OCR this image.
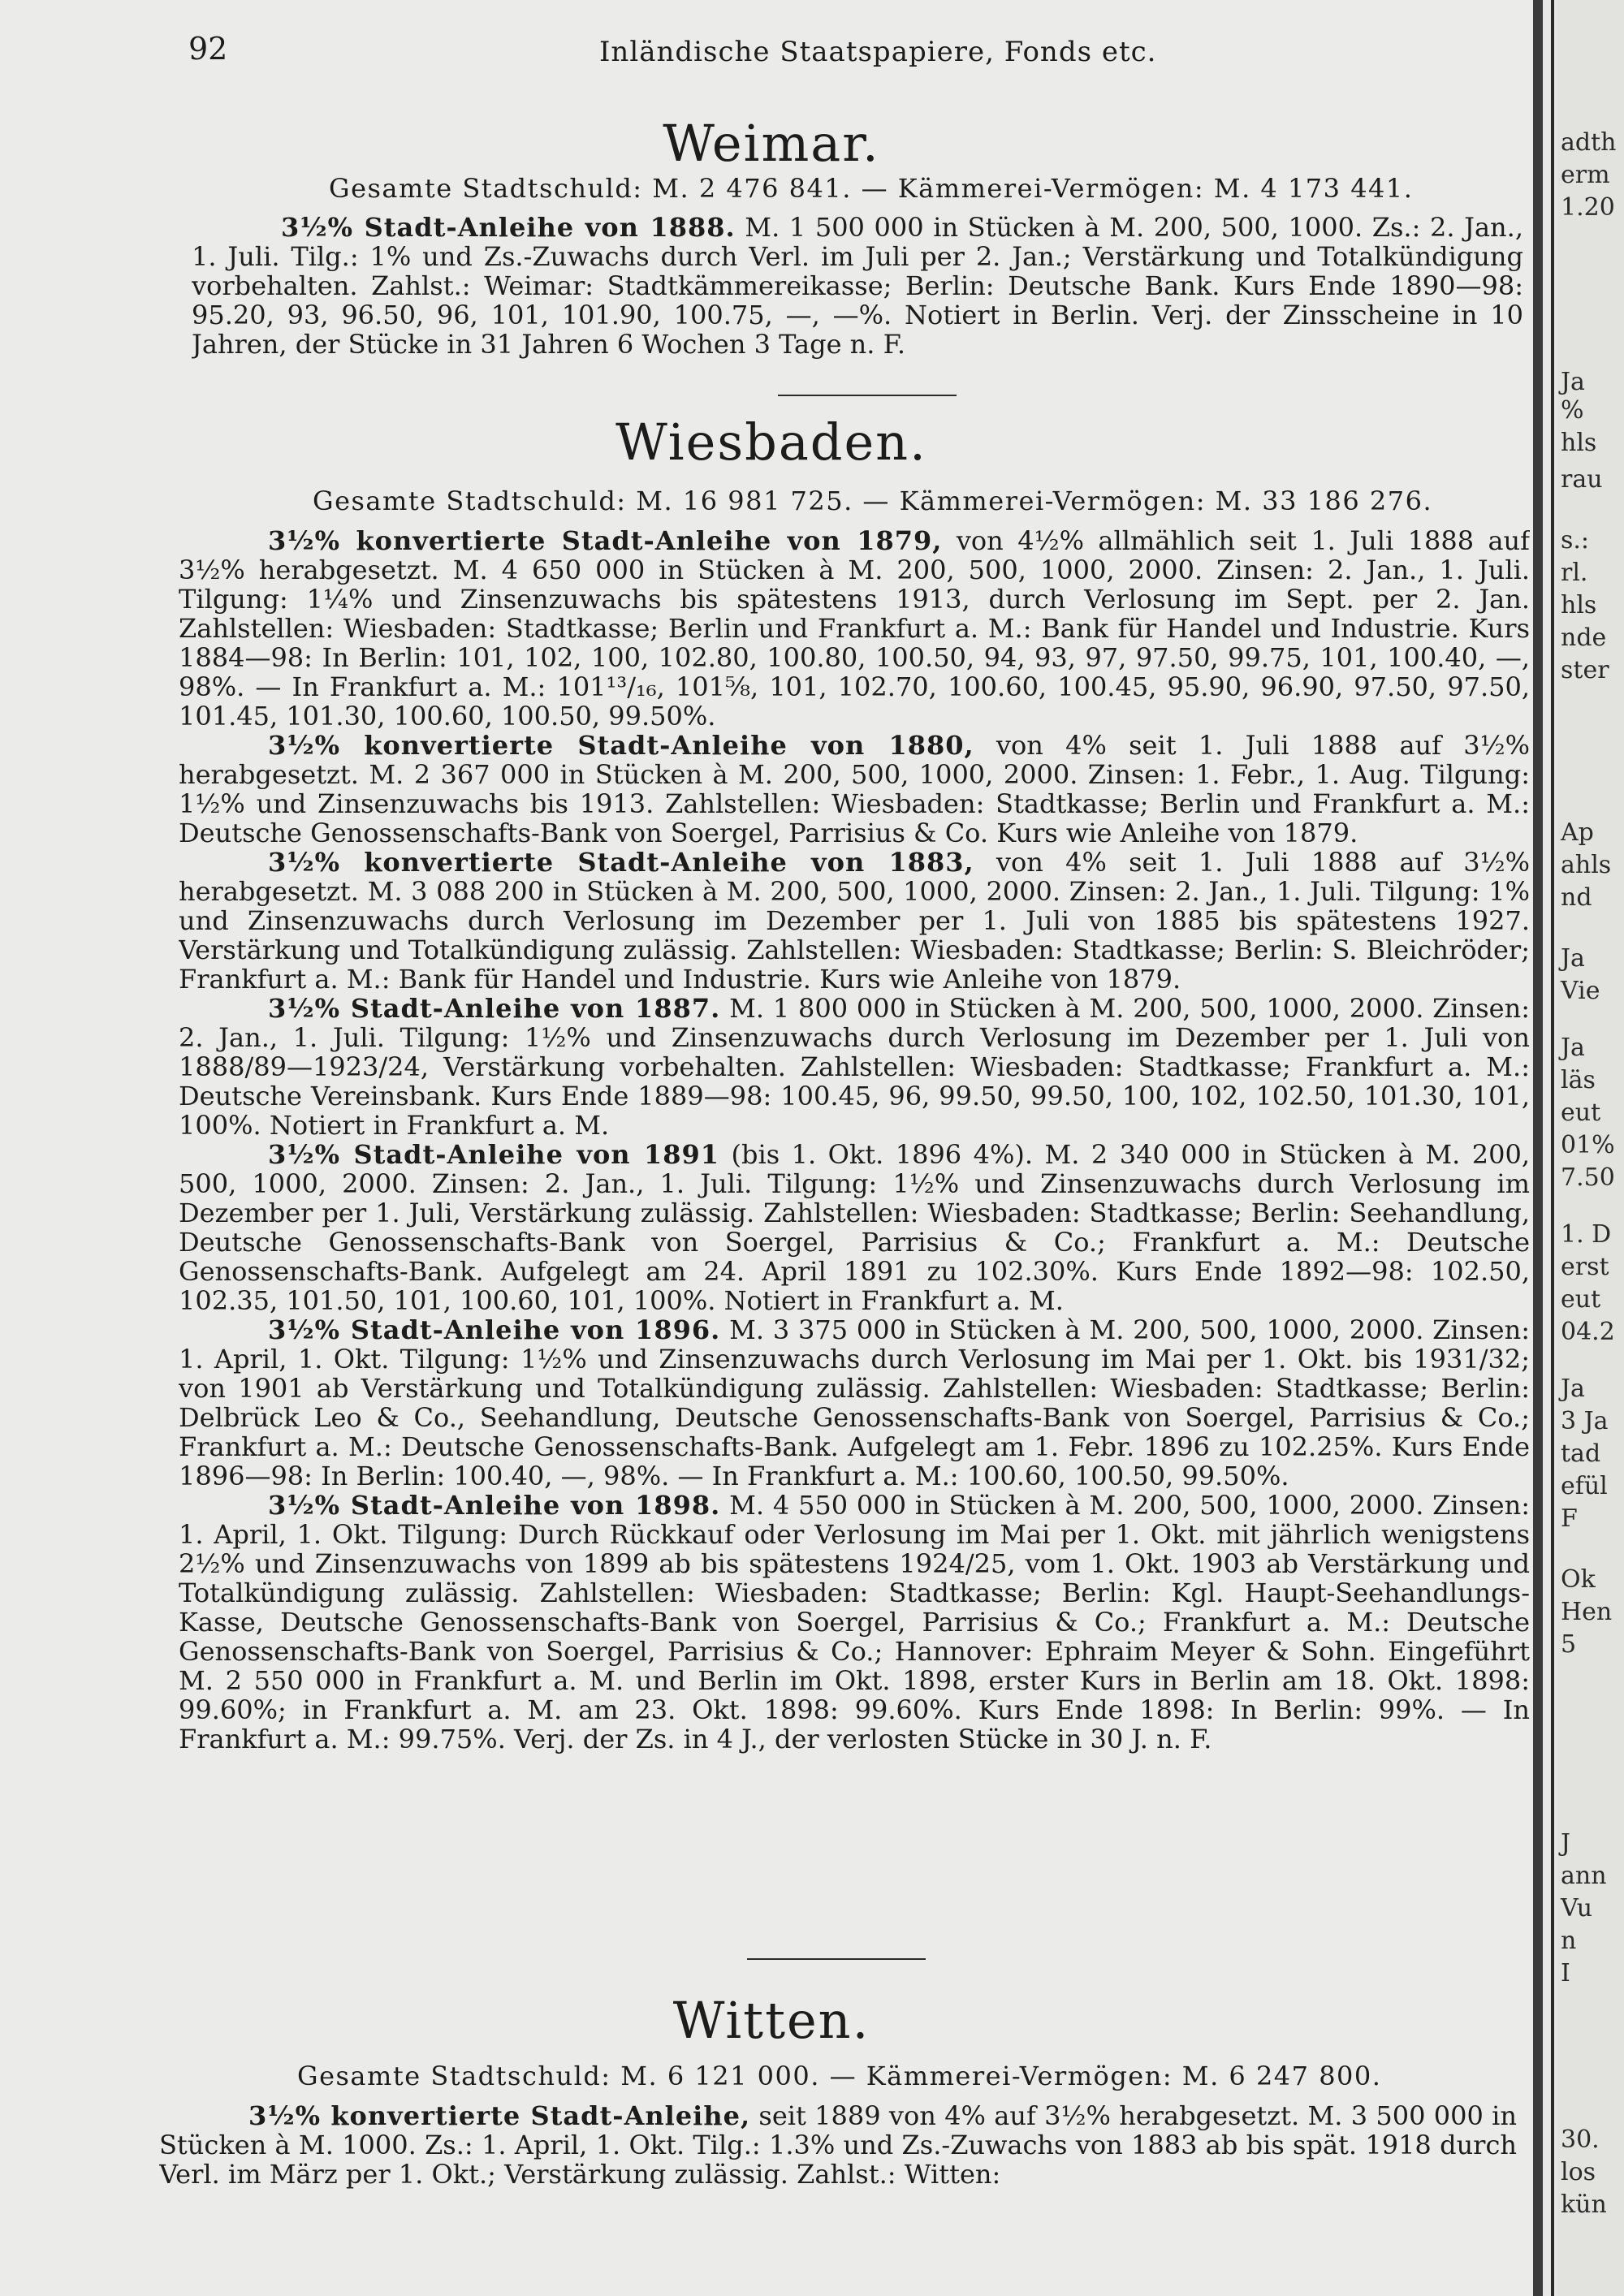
92	Inländische Staatspapiere, Fonds etc.
Weimar.
Gesamte Stadtschuld: M. 2 476 841. — Kämmerei-Vermögen: M. 4 173 441.

3½% Stadt-Anleihe von 1888. M. 1 500 000 in Stücken à M. 200, 500, 1000. Zs.: 2. Jan., 1. Juli. Tilg.: 1% und Zs.-Zuwachs durch Verl. im Juli per 2. Jan.; Verstärkung und Totalkündigung vorbehalten. Zahlst.: Weimar: Stadtkämmereikasse; Berlin: Deutsche Bank. Kurs Ende 1890—98: 95.20, 93, 96.50, 96, 101, 101.90, 100.75, —, —%. Notiert in Berlin. Verj. der Zinsscheine in 10 Jahren, der Stücke in 31 Jahren 6 Wochen 3 Tage n. F.

Wiesbaden.
Gesamte Stadtschuld: M. 16 981 725. — Kämmerei-Vermögen: M. 33 186 276.

3½% konvertierte Stadt-Anleihe von 1879, von 4½% allmählich seit 1. Juli 1888 auf 3½% herabgesetzt. M. 4 650 000 in Stücken à M. 200, 500, 1000, 2000. Zinsen: 2. Jan., 1. Juli. Tilgung: 1¼% und Zinsenzuwachs bis spätestens 1913, durch Verlosung im Sept. per 2. Jan. Zahlstellen: Wiesbaden: Stadtkasse; Berlin und Frankfurt a. M.: Bank für Handel und Industrie. Kurs 1884—98: In Berlin: 101, 102, 100, 102.80, 100.80, 100.50, 94, 93, 97, 97.50, 99.75, 101, 100.40, —, 98%. — In Frankfurt a. M.: 101¹³/₁₆, 101⅝, 101, 102.70, 100.60, 100.45, 95.90, 96.90, 97.50, 97.50, 101.45, 101.30, 100.60, 100.50, 99.50%.

3½% konvertierte Stadt-Anleihe von 1880, von 4% seit 1. Juli 1888 auf 3½% herabgesetzt. M. 2 367 000 in Stücken à M. 200, 500, 1000, 2000. Zinsen: 1. Febr., 1. Aug. Tilgung: 1½% und Zinsenzuwachs bis 1913. Zahlstellen: Wiesbaden: Stadtkasse; Berlin und Frankfurt a. M.: Deutsche Genossenschafts-Bank von Soergel, Parrisius & Co. Kurs wie Anleihe von 1879.

3½% konvertierte Stadt-Anleihe von 1883, von 4% seit 1. Juli 1888 auf 3½% herabgesetzt. M. 3 088 200 in Stücken à M. 200, 500, 1000, 2000. Zinsen: 2. Jan., 1. Juli. Tilgung: 1% und Zinsenzuwachs durch Verlosung im Dezember per 1. Juli von 1885 bis spätestens 1927. Verstärkung und Totalkündigung zulässig. Zahlstellen: Wiesbaden: Stadtkasse; Berlin: S. Bleichröder; Frankfurt a. M.: Bank für Handel und Industrie. Kurs wie Anleihe von 1879.

3½% Stadt-Anleihe von 1887. M. 1 800 000 in Stücken à M. 200, 500, 1000, 2000. Zinsen: 2. Jan., 1. Juli. Tilgung: 1½% und Zinsenzuwachs durch Verlosung im Dezember per 1. Juli von 1888/89—1923/24, Verstärkung vorbehalten. Zahlstellen: Wiesbaden: Stadtkasse; Frankfurt a. M.: Deutsche Vereinsbank. Kurs Ende 1889—98: 100.45, 96, 99.50, 99.50, 100, 102, 102.50, 101.30, 101, 100%. Notiert in Frankfurt a. M.

3½% Stadt-Anleihe von 1891 (bis 1. Okt. 1896 4%). M. 2 340 000 in Stücken à M. 200, 500, 1000, 2000. Zinsen: 2. Jan., 1. Juli. Tilgung: 1½% und Zinsenzuwachs durch Verlosung im Dezember per 1. Juli, Verstärkung zulässig. Zahlstellen: Wiesbaden: Stadtkasse; Berlin: Seehandlung, Deutsche Genossenschafts-Bank von Soergel, Parrisius & Co.; Frankfurt a. M.: Deutsche Genossenschafts-Bank. Aufgelegt am 24. April 1891 zu 102.30%. Kurs Ende 1892—98: 102.50, 102.35, 101.50, 101, 100.60, 101, 100%. Notiert in Frankfurt a. M.

3½% Stadt-Anleihe von 1896. M. 3 375 000 in Stücken à M. 200, 500, 1000, 2000. Zinsen: 1. April, 1. Okt. Tilgung: 1½% und Zinsenzuwachs durch Verlosung im Mai per 1. Okt. bis 1931/32; von 1901 ab Verstärkung und Totalkündigung zulässig. Zahlstellen: Wiesbaden: Stadtkasse; Berlin: Delbrück Leo & Co., Seehandlung, Deutsche Genossenschafts-Bank von Soergel, Parrisius & Co.; Frankfurt a. M.: Deutsche Genossenschafts-Bank. Aufgelegt am 1. Febr. 1896 zu 102.25%. Kurs Ende 1896—98: In Berlin: 100.40, —, 98%. — In Frankfurt a. M.: 100.60, 100.50, 99.50%.

3½% Stadt-Anleihe von 1898. M. 4 550 000 in Stücken à M. 200, 500, 1000, 2000. Zinsen: 1. April, 1. Okt. Tilgung: Durch Rückkauf oder Verlosung im Mai per 1. Okt. mit jährlich wenigstens 2½% und Zinsenzuwachs von 1899 ab bis spätestens 1924/25, vom 1. Okt. 1903 ab Verstärkung und Totalkündigung zulässig. Zahlstellen: Wiesbaden: Stadtkasse; Berlin: Kgl. Haupt-Seehandlungs-Kasse, Deutsche Genossenschafts-Bank von Soergel, Parrisius & Co.; Frankfurt a. M.: Deutsche Genossenschafts-Bank von Soergel, Parrisius & Co.; Hannover: Ephraim Meyer & Sohn. Eingeführt M. 2 550 000 in Frankfurt a. M. und Berlin im Okt. 1898, erster Kurs in Berlin am 18. Okt. 1898: 99.60%; in Frankfurt a. M. am 23. Okt. 1898: 99.60%. Kurs Ende 1898: In Berlin: 99%. — In Frankfurt a. M.: 99.75%. Verj. der Zs. in 4 J., der verlosten Stücke in 30 J. n. F.

Witten.
Gesamte Stadtschuld: M. 6 121 000. — Kämmerei-Vermögen: M. 6 247 800.

3½% konvertierte Stadt-Anleihe, seit 1889 von 4% auf 3½% herabgesetzt. M. 3 500 000 in Stücken à M. 1000. Zs.: 1. April, 1. Okt. Tilg.: 1.3% und Zs.-Zuwachs von 1883 ab bis spät. 1918 durch Verl. im März per 1. Okt.; Verstärkung zulässig. Zahlst.: Witten:

adth
erm
1.20
Ja
%
hls
rau
s.:
rl.
hls
nde
ster
Ap
ahls
nd
Ja
Vie
Ja
läs
eut
01%
7.50
1. D
erst
eut
04.2
Ja
3 Ja
tad
efül
F
Ok
Hen
5
J
ann
Vu
n
I
30.
los
kün
